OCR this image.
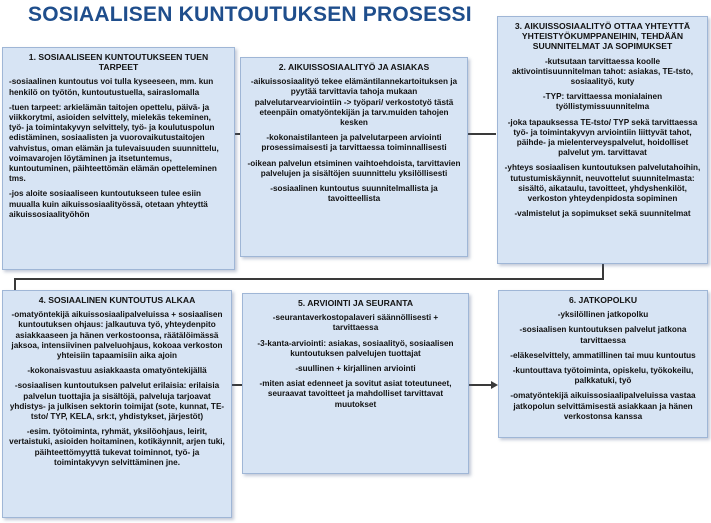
SOSIAALISEN KUNTOUTUKSEN PROSESSI
1. SOSIAALISEEN KUNTOUTUKSEEN TUEN TARPEET

-sosiaalinen kuntoutus voi tulla kyseeseen, mm. kun henkilö on työtön, kuntoutustuella, sairaslomalla

-tuen tarpeet: arkielämän taitojen opettelu, päivä- ja viikkorytmi, asioiden selvittely, mielekäs tekeminen, työ- ja toimintakyvyn selvittely, työ- ja koulutuspolun edistäminen, sosiaalisten ja vuorovaikutustaitojen vahvistus, oman elämän ja tulevaisuuden suunnittelu, voimavarojen löytäminen ja itsetuntemus, kuntoutuminen, päihteettömän elämän opetteleminen tms.

-jos aloite sosiaaliseen kuntoutukseen tulee esiin muualla kuin aikuissosiaalityössä, otetaan yhteyttä aikuissosiaalityöhön

2. AIKUISSOSIAALITYÖ JA ASIAKAS

-aikuissosiaalityö tekee elämäntilannekartoituksen ja pyytää tarvittavia tahoja mukaan palvelutarvearviointiin -> työpari/ verkostotyö tästä eteenpäin omatyöntekijän ja tarv.muiden tahojen kesken

-kokonaistilanteen ja palvelutarpeen arviointi prosessimaisesti ja tarvittaessa toiminnallisesti

-oikean palvelun etsiminen vaihtoehdoista, tarvittavien palvelujen ja sisältöjen suunnittelu yksilöllisesti

-sosiaalinen kuntoutus suunnitelmallista ja tavoitteellista

3. AIKUISSOSIAALITYÖ OTTAA YHTEYTTÄ YHTEISTYÖKUMPPANEIHIN, TEHDÄÄN SUUNNITELMAT JA SOPIMUKSET

-kutsutaan tarvittaessa koolle aktivointisuunnitelman tahot: asiakas, TE-tsto, sosiaalityö, kuty

-TYP: tarvittaessa monialainen työllistymissuunnitelma

-joka tapauksessa TE-tsto/ TYP sekä tarvittaessa työ- ja toimintakyvyn arviointiin liittyvät tahot, päihde- ja mielenterveyspalvelut, hoidolliset palvelut ym. tarvittavat

-yhteys sosiaalisen kuntoutuksen palvelutahoihin, tutustumiskäynnit, neuvottelut suunnitelmasta: sisältö, aikataulu, tavoitteet, yhdyshenkilöt, verkoston yhteydenpidosta sopiminen

-valmistelut ja sopimukset sekä suunnitelmat

4. SOSIAALINEN KUNTOUTUS ALKAA

-omatyöntekijä aikuissosiaalipalveluissa + sosiaalisen kuntoutuksen ohjaus: jalkautuva työ, yhteydenpito asiakkaaseen ja hänen verkostoonsa, räätälöimässä jaksoa, intensiivinen palveluohjaus, kokoaa verkoston yhteisiin tapaamisiin aika ajoin

-kokonaisvastuu asiakkaasta omatyöntekijällä

-sosiaalisen kuntoutuksen palvelut erilaisia: erilaisia palvelun tuottajia ja sisältöjä, palveluja tarjoavat yhdistys- ja julkisen sektorin toimijat (sote, kunnat, TE-tsto/ TYP, KELA, srk:t, yhdistykset, järjestöt)

-esim. työtoiminta, ryhmät, yksilöohjaus, leirit, vertaistuki, asioiden hoitaminen, kotikäynnit, arjen tuki, päihteettömyyttä tukevat toiminnot, työ- ja toimintakyvyn selvittäminen jne.

5. ARVIOINTI JA SEURANTA

-seurantaverkostopalaveri säännöllisesti + tarvittaessa

-3-kanta-arviointi: asiakas, sosiaalityö, sosiaalisen kuntoutuksen palvelujen tuottajat

-suullinen + kirjallinen arviointi

-miten asiat edenneet ja sovitut asiat toteutuneet, seuraavat tavoitteet ja mahdolliset tarvittavat muutokset

6. JATKOPOLKU

-yksilöllinen jatkopolku

-sosiaalisen kuntoutuksen palvelut jatkona tarvittaessa

-eläkeselvittely, ammatillinen tai muu kuntoutus

-kuntouttava työtoiminta, opiskelu, työkokeilu, palkkatuki, työ

-omatyöntekijä aikuissosiaalipalveluissa vastaa jatkopolun selvittämisestä asiakkaan ja hänen verkostonsa kanssa
